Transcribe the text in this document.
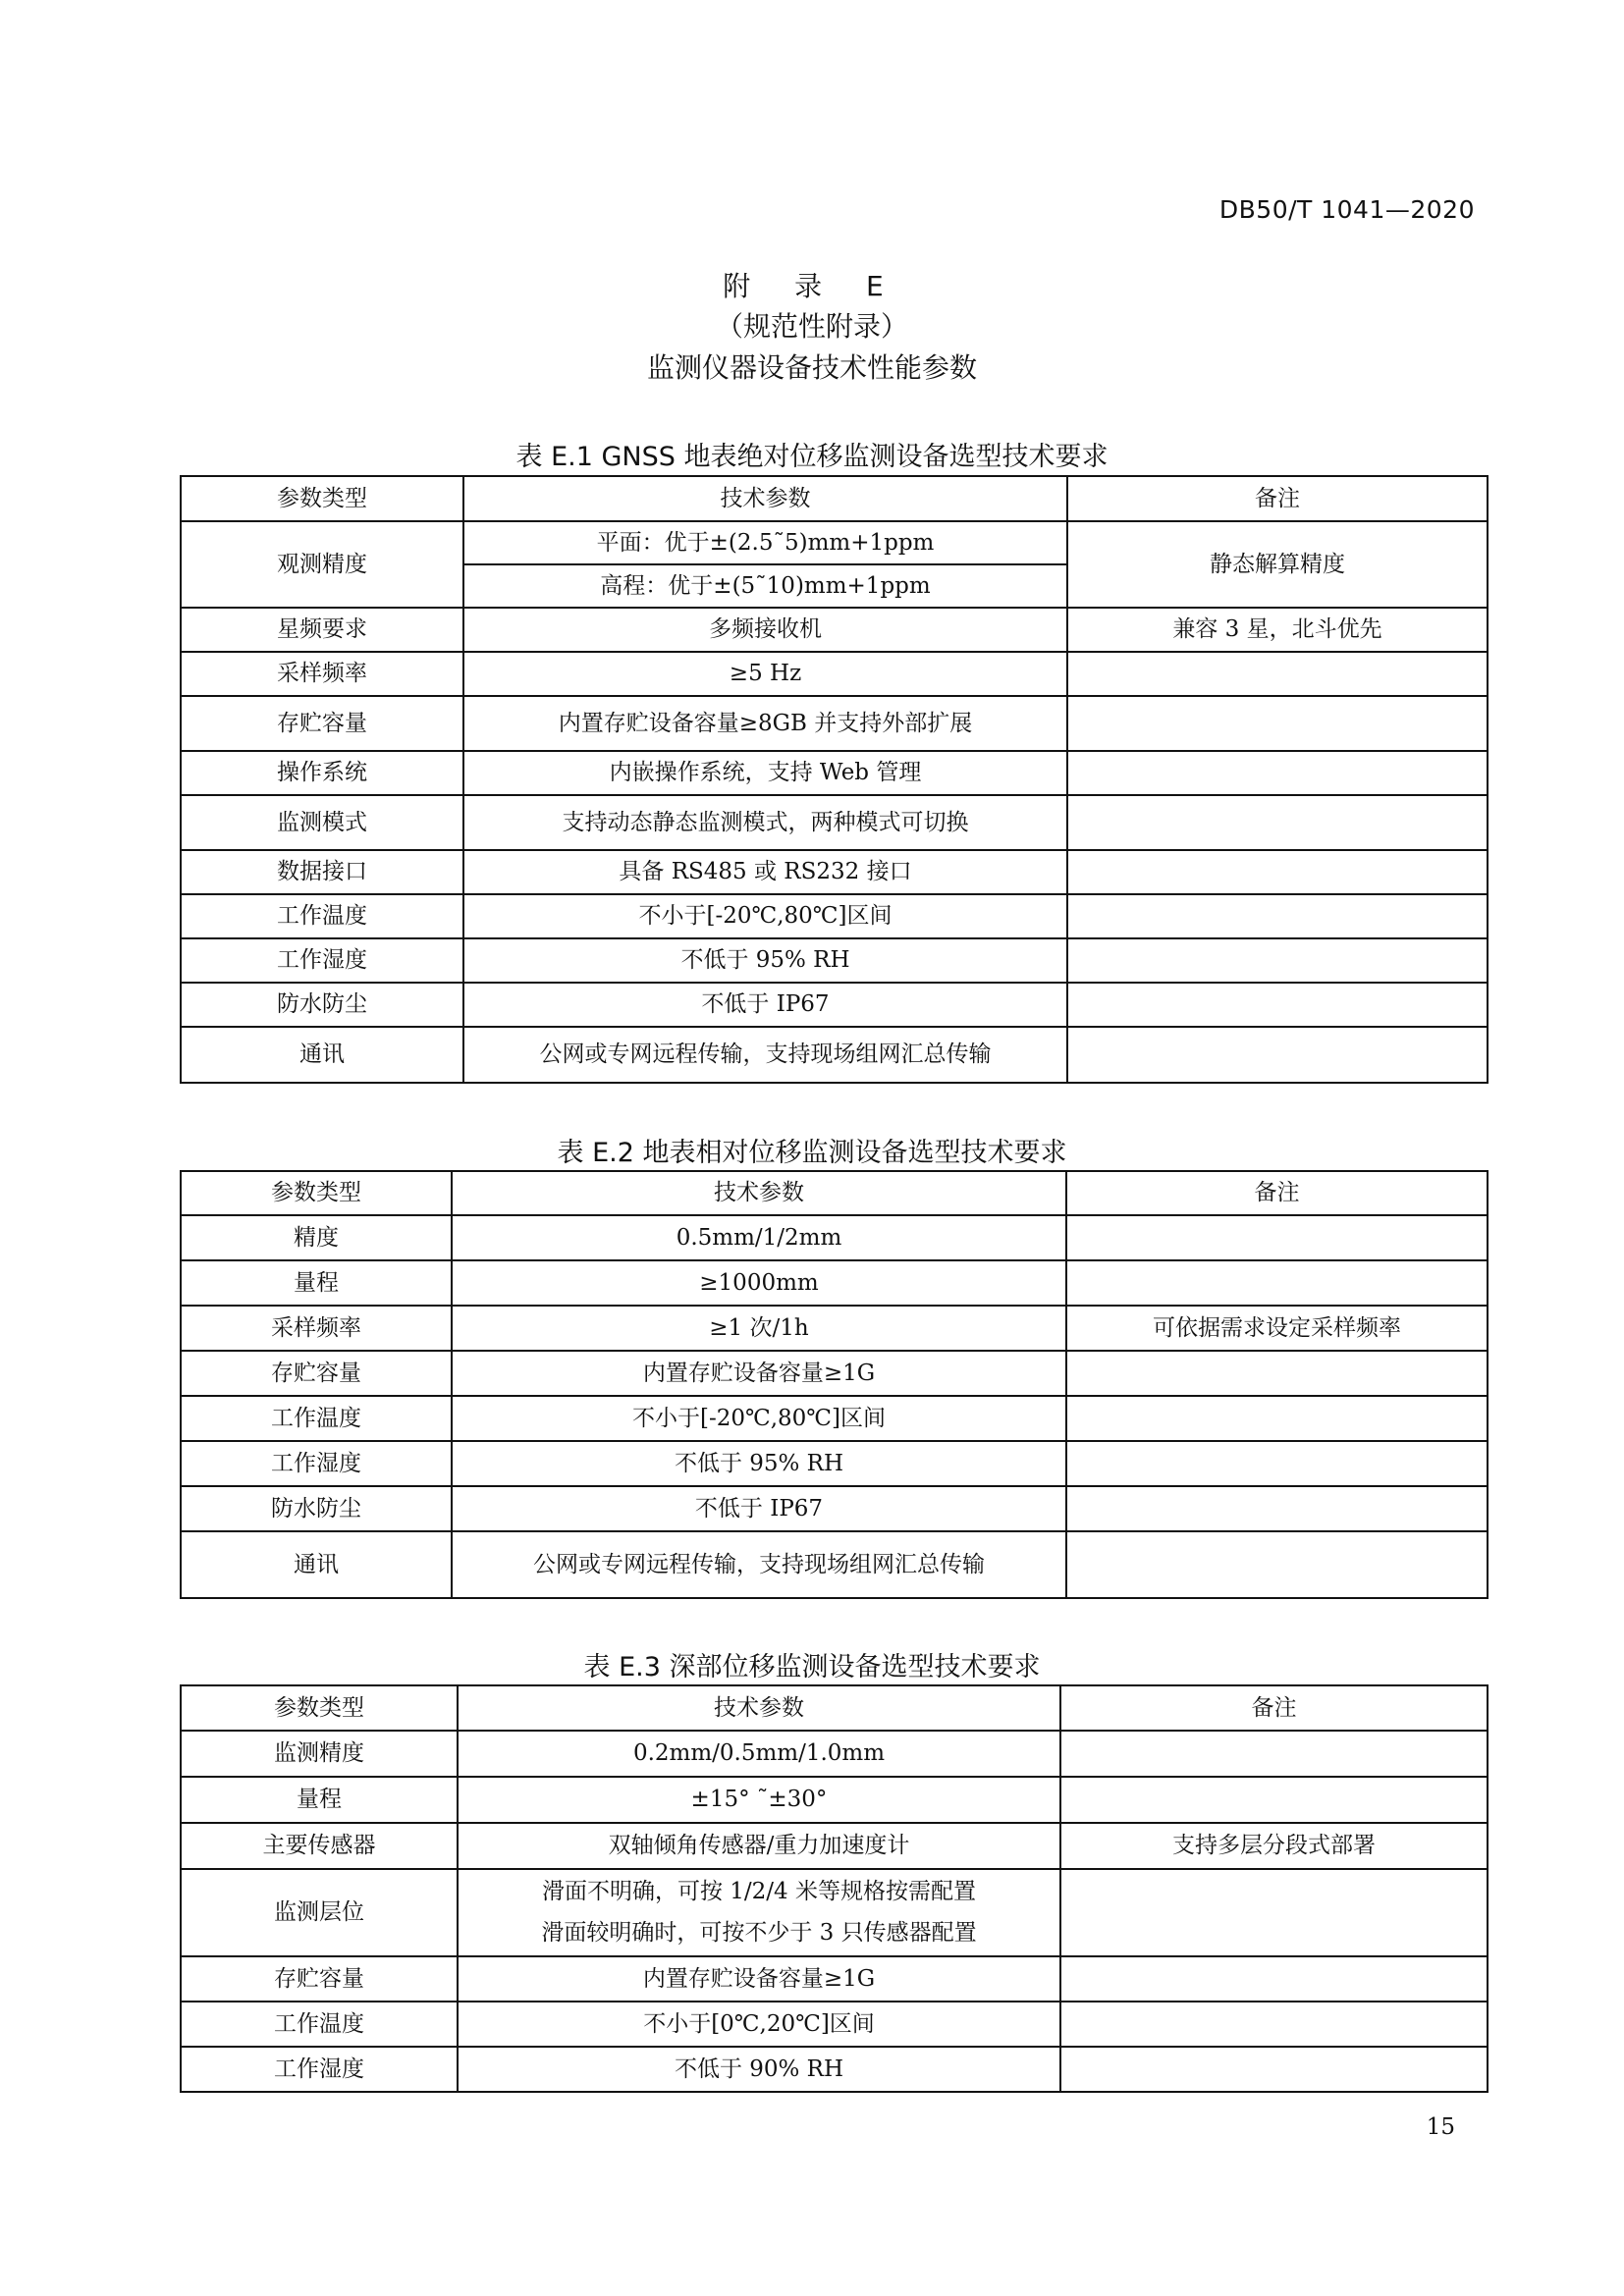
DB50/T 1041—2020
附 录 E
（规范性附录）
监测仪器设备技术性能参数
表 E.1 GNSS 地表绝对位移监测设备选型技术要求
参数类型	技术参数	备注
观测精度	平面：优于±(2.5˜5)mm+1ppm	静态解算精度
	高程：优于±(5˜10)mm+1ppm	
星频要求	多频接收机	兼容 3 星，北斗优先
采样频率	≥5 Hz	
存贮容量	内置存贮设备容量≥8GB 并支持外部扩展	
操作系统	内嵌操作系统，支持 Web 管理	
监测模式	支持动态静态监测模式，两种模式可切换	
数据接口	具备 RS485 或 RS232 接口	
工作温度	不小于[-20℃,80℃]区间	
工作湿度	不低于 95% RH	
防水防尘	不低于 IP67	
通讯	公网或专网远程传输，支持现场组网汇总传输	
表 E.2 地表相对位移监测设备选型技术要求
参数类型	技术参数	备注
精度	0.5mm/1/2mm	
量程	≥1000mm	
采样频率	≥1 次/1h	可依据需求设定采样频率
存贮容量	内置存贮设备容量≥1G	
工作温度	不小于[-20℃,80℃]区间	
工作湿度	不低于 95% RH	
防水防尘	不低于 IP67	
通讯	公网或专网远程传输，支持现场组网汇总传输	
表 E.3 深部位移监测设备选型技术要求
参数类型	技术参数	备注
监测精度	0.2mm/0.5mm/1.0mm	
量程	±15° ˜±30°	
主要传感器	双轴倾角传感器/重力加速度计	支持多层分段式部署
监测层位	滑面不明确，可按 1/2/4 米等规格按需配置
滑面较明确时，可按不少于 3 只传感器配置	

存贮容量	内置存贮设备容量≥1G	
工作温度	不小于[0℃,20℃]区间	
工作湿度	不低于 90% RH	
15
